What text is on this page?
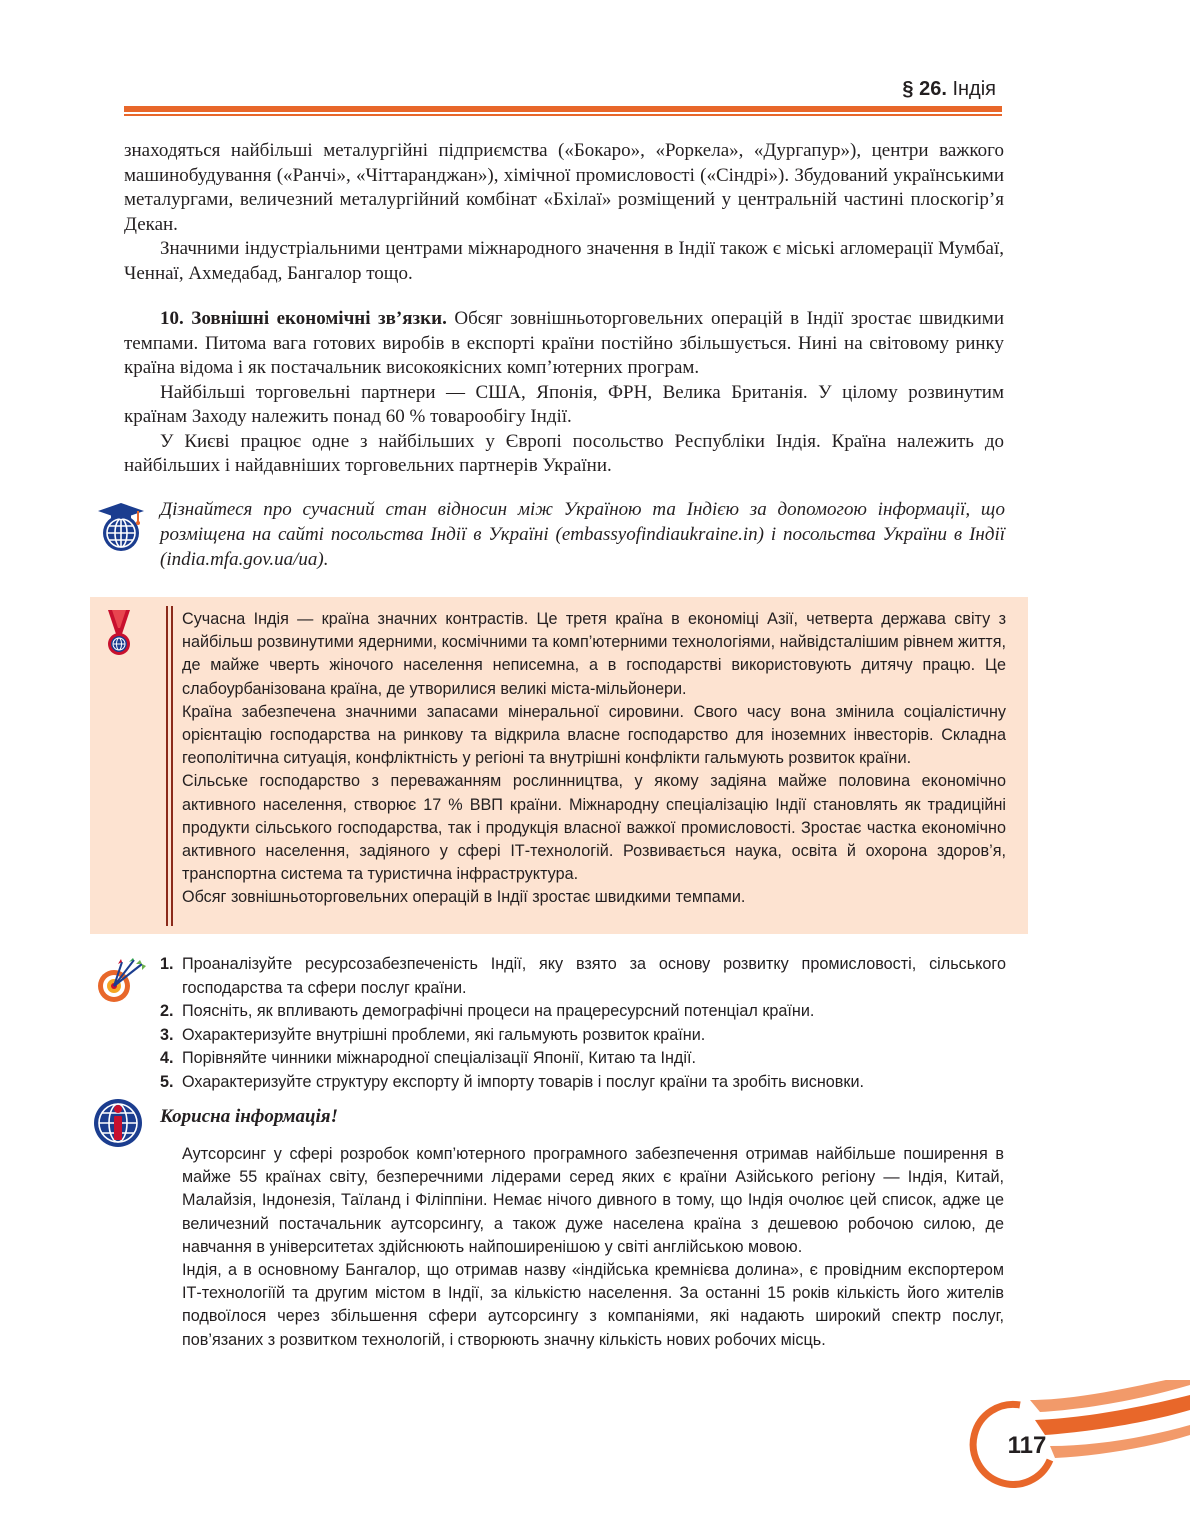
§ 26. Індія

знаходяться найбільші металургійні підприємства («Бокаро», «Роркела», «Дургапур»), центри важкого машинобудування («Ранчі», «Чіттаранджан»), хімічної промисловості («Сіндрі»). Збудований українськими металургами, величезний металургійний комбінат «Бхілаї» розміщений у центральній частині плоскогір’я Декан.

Значними індустріальними центрами міжнародного значення в Індії також є міські агломерації Мумбаї, Ченнаї, Ахмедабад, Бангалор тощо.

10. Зовнішні економічні зв’язки. Обсяг зовнішньоторговельних операцій в Індії зростає швидкими темпами. Питома вага готових виробів в експорті країни постійно збільшується. Нині на світовому ринку країна відома і як постачальник високоякісних комп’ютерних програм.

Найбільші торговельні партнери — США, Японія, ФРН, Велика Британія. У цілому розвинутим країнам Заходу належить понад 60 % товарообігу Індії.

У Києві працює одне з найбільших у Європі посольство Республіки Індія. Країна належить до найбільших і найдавніших торговельних партнерів України.

Дізнайтеся про сучасний стан відносин між Україною та Індією за допомогою інформації, що розміщена на сайті посольства Індії в Україні (embassyofindiaukraine.in) і посольства України в Індії (india.mfa.gov.ua/ua).

Сучасна Індія — країна значних контрастів. Це третя країна в економіці Азії, четверта держава світу з найбільш розвинутими ядерними, космічними та комп’ютерними технологіями, найвідсталішим рівнем життя, де майже чверть жіночого населення неписемна, а в господарстві використовують дитячу працю. Це слабоурбанізована країна, де утворилися великі міста-мільйонери.

Країна забезпечена значними запасами мінеральної сировини. Свого часу вона змінила соціалістичну орієнтацію господарства на ринкову та відкрила власне господарство для іноземних інвесторів. Складна геополітична ситуація, конфліктність у регіоні та внутрішні конфлікти гальмують розвиток країни.

Сільське господарство з переважанням рослинництва, у якому задіяна майже половина економічно активного населення, створює 17 % ВВП країни. Міжнародну спеціалізацію Індії становлять як традиційні продукти сільського господарства, так і продукція власної важкої промисловості. Зростає частка економічно активного населення, задіяного у сфері ІТ-технологій. Розвивається наука, освіта й охорона здоров’я, транспортна система та туристична інфраструктура.

Обсяг зовнішньоторговельних операцій в Індії зростає швидкими темпами.

1. Проаналізуйте ресурсозабезпеченість Індії, яку взято за основу розвитку промисловості, сільського господарства та сфери послуг країни.
2. Поясніть, як впливають демографічні процеси на працересурсний потенціал країни.
3. Охарактеризуйте внутрішні проблеми, які гальмують розвиток країни.
4. Порівняйте чинники міжнародної спеціалізації Японії, Китаю та Індії.
5. Охарактеризуйте структуру експорту й імпорту товарів і послуг країни та зробіть висновки.
Корисна інформація!

Аутсорсинг у сфері розробок комп’ютерного програмного забезпечення отримав найбільше поширення в майже 55 країнах світу, безперечними лідерами серед яких є країни Азійського регіону — Індія, Китай, Малайзія, Індонезія, Таїланд і Філіппіни. Немає нічого дивного в тому, що Індія очолює цей список, адже це величезний постачальник аутсорсингу, а також дуже населена країна з дешевою робочою силою, де навчання в університетах здійснюють найпоширенішою у світі англійською мовою.

Індія, а в основному Бангалор, що отримав назву «індійська кремнієва долина», є провідним експортером ІТ-технологіїй та другим містом в Індії, за кількістю населення. За останні 15 років кількість його жителів подвоїлося через збільшення сфери аутсорсингу з компаніями, які надають широкий спектр послуг, пов’язаних з розвитком технологій, і створюють значну кількість нових робочих місць.

117
